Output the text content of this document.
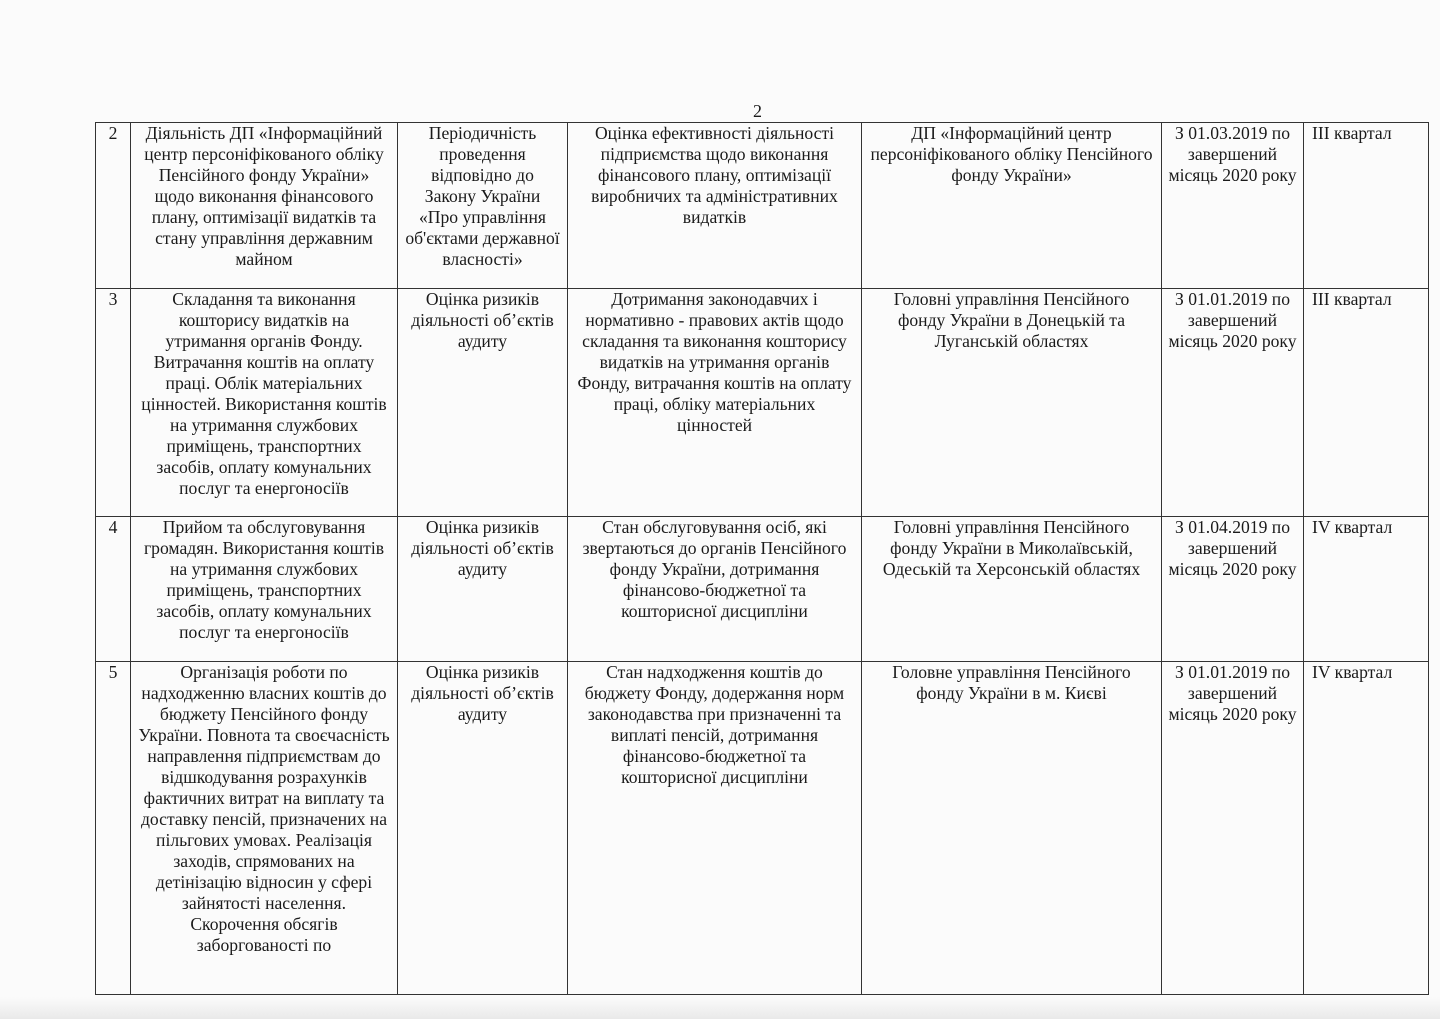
2
2	Діяльність ДП «Інформаційний центр персоніфікованого обліку Пенсійного фонду України» щодо виконання фінансового плану, оптимізації видатків та стану управління державним майном	Періодичність проведення відповідно до Закону України «Про управління об'єктами державної власності»	Оцінка ефективності діяльності підприємства щодо виконання фінансового плану, оптимізації виробничих та адміністративних видатків	ДП «Інформаційний центр персоніфікованого обліку Пенсійного фонду України»	З 01.03.2019 по завершений місяць 2020 року	III квартал
3	Складання та виконання кошторису видатків на утримання органів Фонду. Витрачання коштів на оплату праці. Облік матеріальних цінностей. Використання коштів на утримання службових приміщень, транспортних засобів, оплату комунальних послуг та енергоносіїв	Оцінка ризиків діяльності об’єктів аудиту	Дотримання законодавчих і нормативно - правових актів щодо складання та виконання кошторису видатків на утримання органів Фонду, витрачання коштів на оплату праці, обліку матеріальних цінностей	Головні управління Пенсійного фонду України в Донецькій та Луганській областях	З 01.01.2019 по завершений місяць 2020 року	III квартал
4	Прийом та обслуговування громадян. Використання коштів на утримання службових приміщень, транспортних засобів, оплату комунальних послуг та енергоносіїв	Оцінка ризиків діяльності об’єктів аудиту	Стан обслуговування осіб, які звертаються до органів Пенсійного фонду України, дотримання фінансово-бюджетної та кошторисної дисципліни	Головні управління Пенсійного фонду України в Миколаївській, Одеській та Херсонській областях	З 01.04.2019 по завершений місяць 2020 року	IV квартал
5	Організація роботи по надходженню власних коштів до бюджету Пенсійного фонду України. Повнота та своєчасність направлення підприємствам до відшкодування розрахунків фактичних витрат на виплату та доставку пенсій, призначених на пільгових умовах. Реалізація заходів, спрямованих на детінізацію відносин у сфері зайнятості населення. Скорочення обсягів заборгованості по	Оцінка ризиків діяльності об’єктів аудиту	Стан надходження коштів до бюджету Фонду, додержання норм законодавства при призначенні та виплаті пенсій, дотримання фінансово-бюджетної та кошторисної дисципліни	Головне управління Пенсійного фонду України в м. Києві	З 01.01.2019 по завершений місяць 2020 року	IV квартал
